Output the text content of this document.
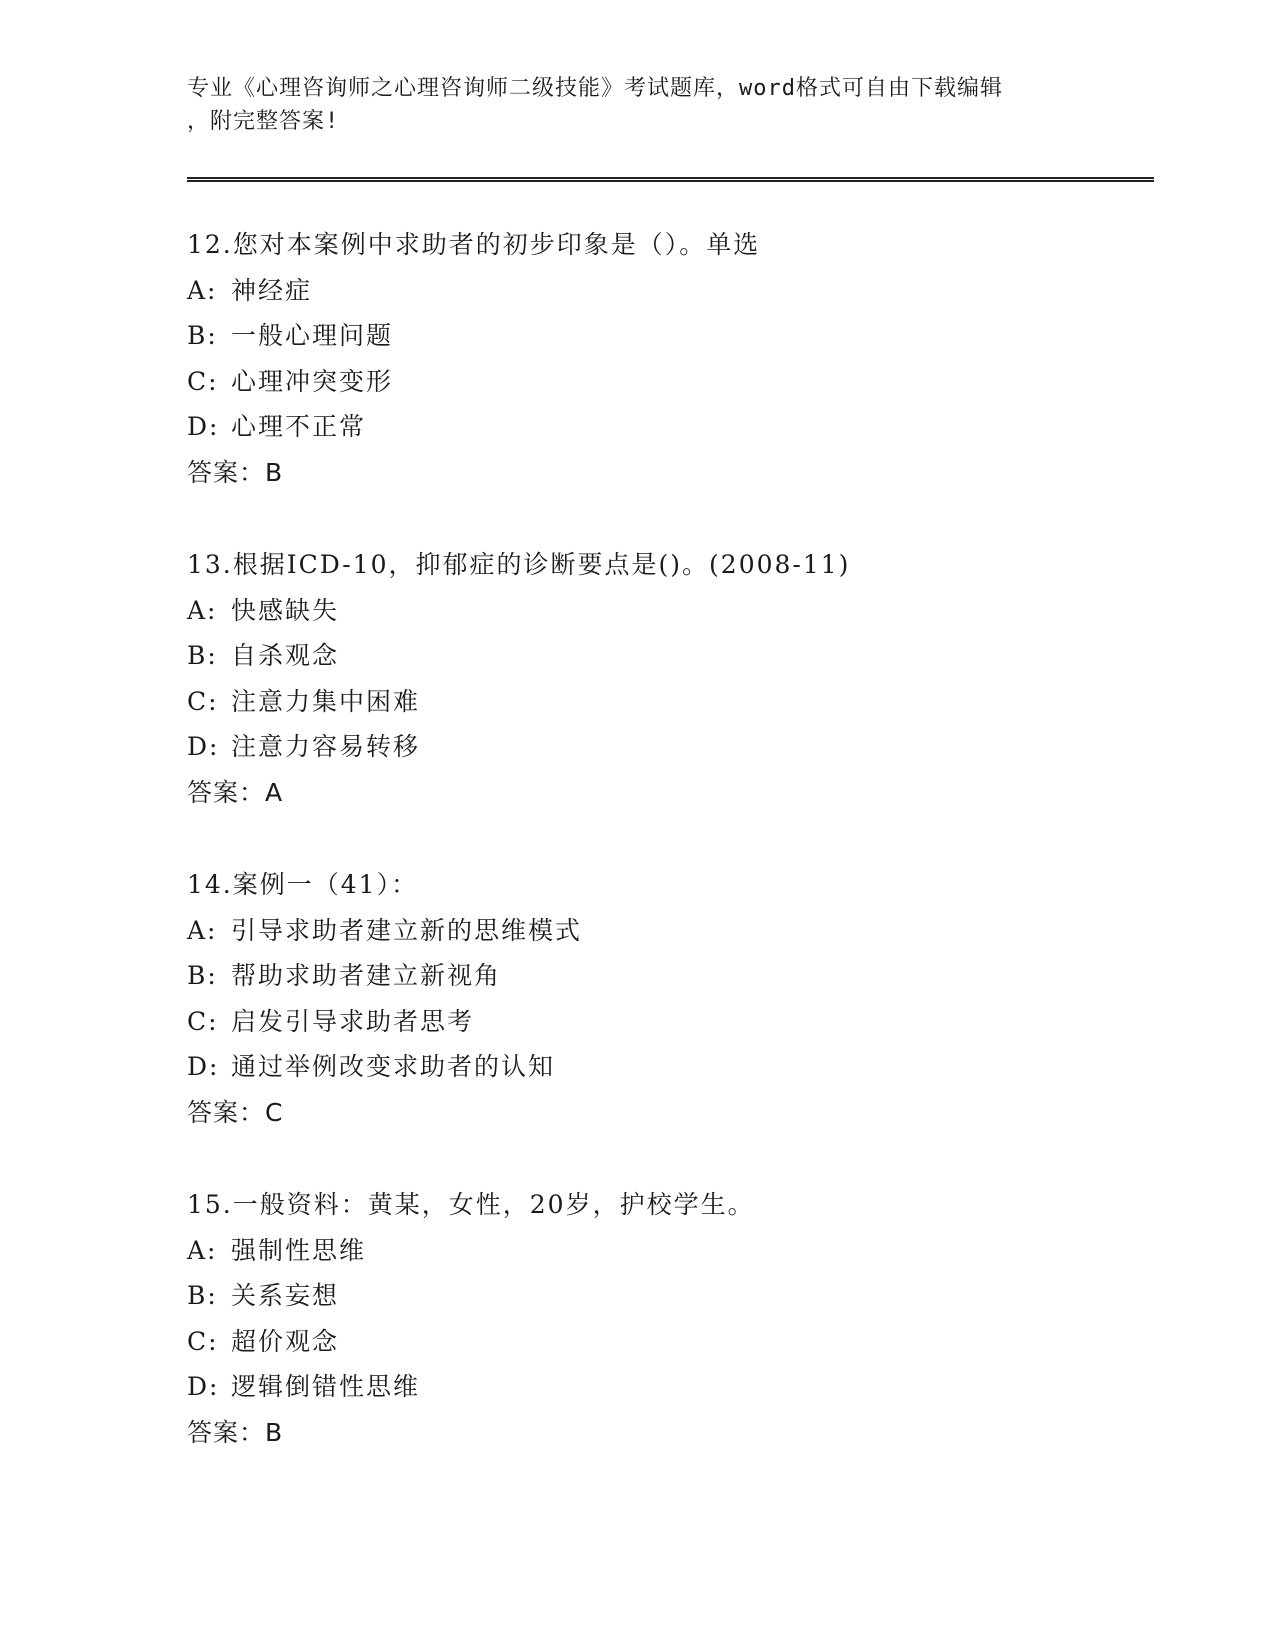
专业《心理咨询师之心理咨询师二级技能》考试题库，word格式可自由下载编辑
，附完整答案!
12.您对本案例中求助者的初步印象是（）。单选
A: 神经症
B: 一般心理问题
C: 心理冲突变形
D: 心理不正常
答案：B
13.根据ICD-10，抑郁症的诊断要点是()。(2008-11)
A: 快感缺失
B: 自杀观念
C: 注意力集中困难
D: 注意力容易转移
答案：A
14.案例一（41）：
A: 引导求助者建立新的思维模式
B: 帮助求助者建立新视角
C: 启发引导求助者思考
D: 通过举例改变求助者的认知
答案：C
15.一般资料：黄某，女性，20岁，护校学生。
A: 强制性思维
B: 关系妄想
C: 超价观念
D: 逻辑倒错性思维
答案：B
